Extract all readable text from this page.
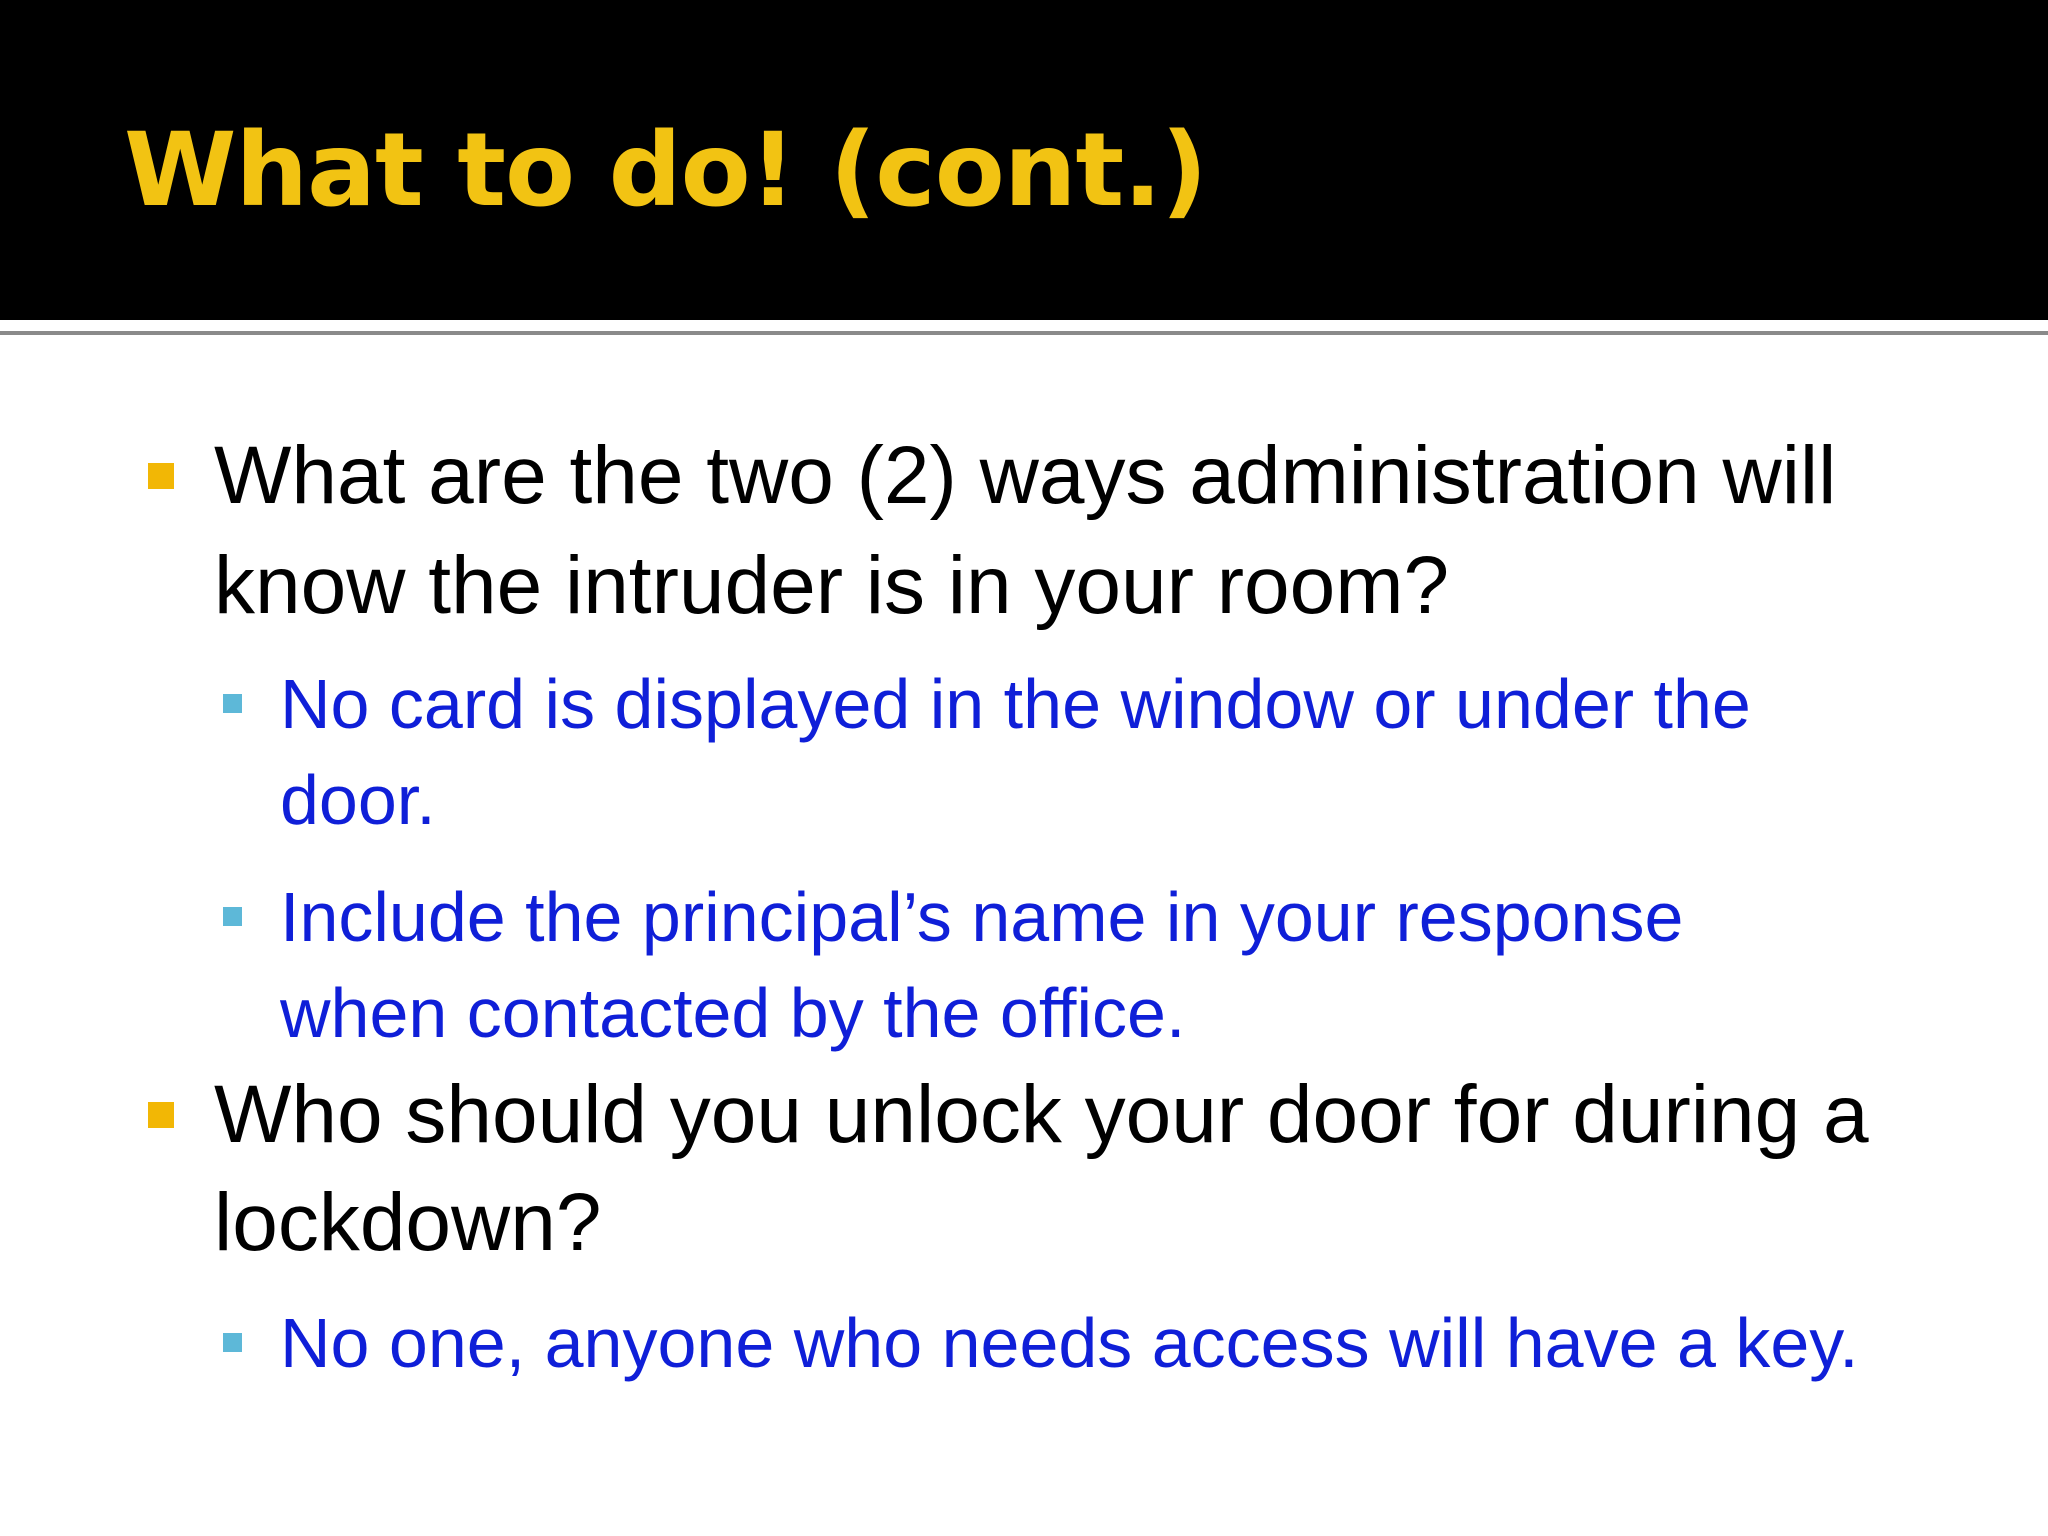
What to do! (cont.)
What are the two (2) ways administration will
know the intruder is in your room?
No card is displayed in the window or under the
door.
Include the principal’s name in your response
when contacted by the office.
Who should you unlock your door for during a
lockdown?
No one, anyone who needs access will have a key.
